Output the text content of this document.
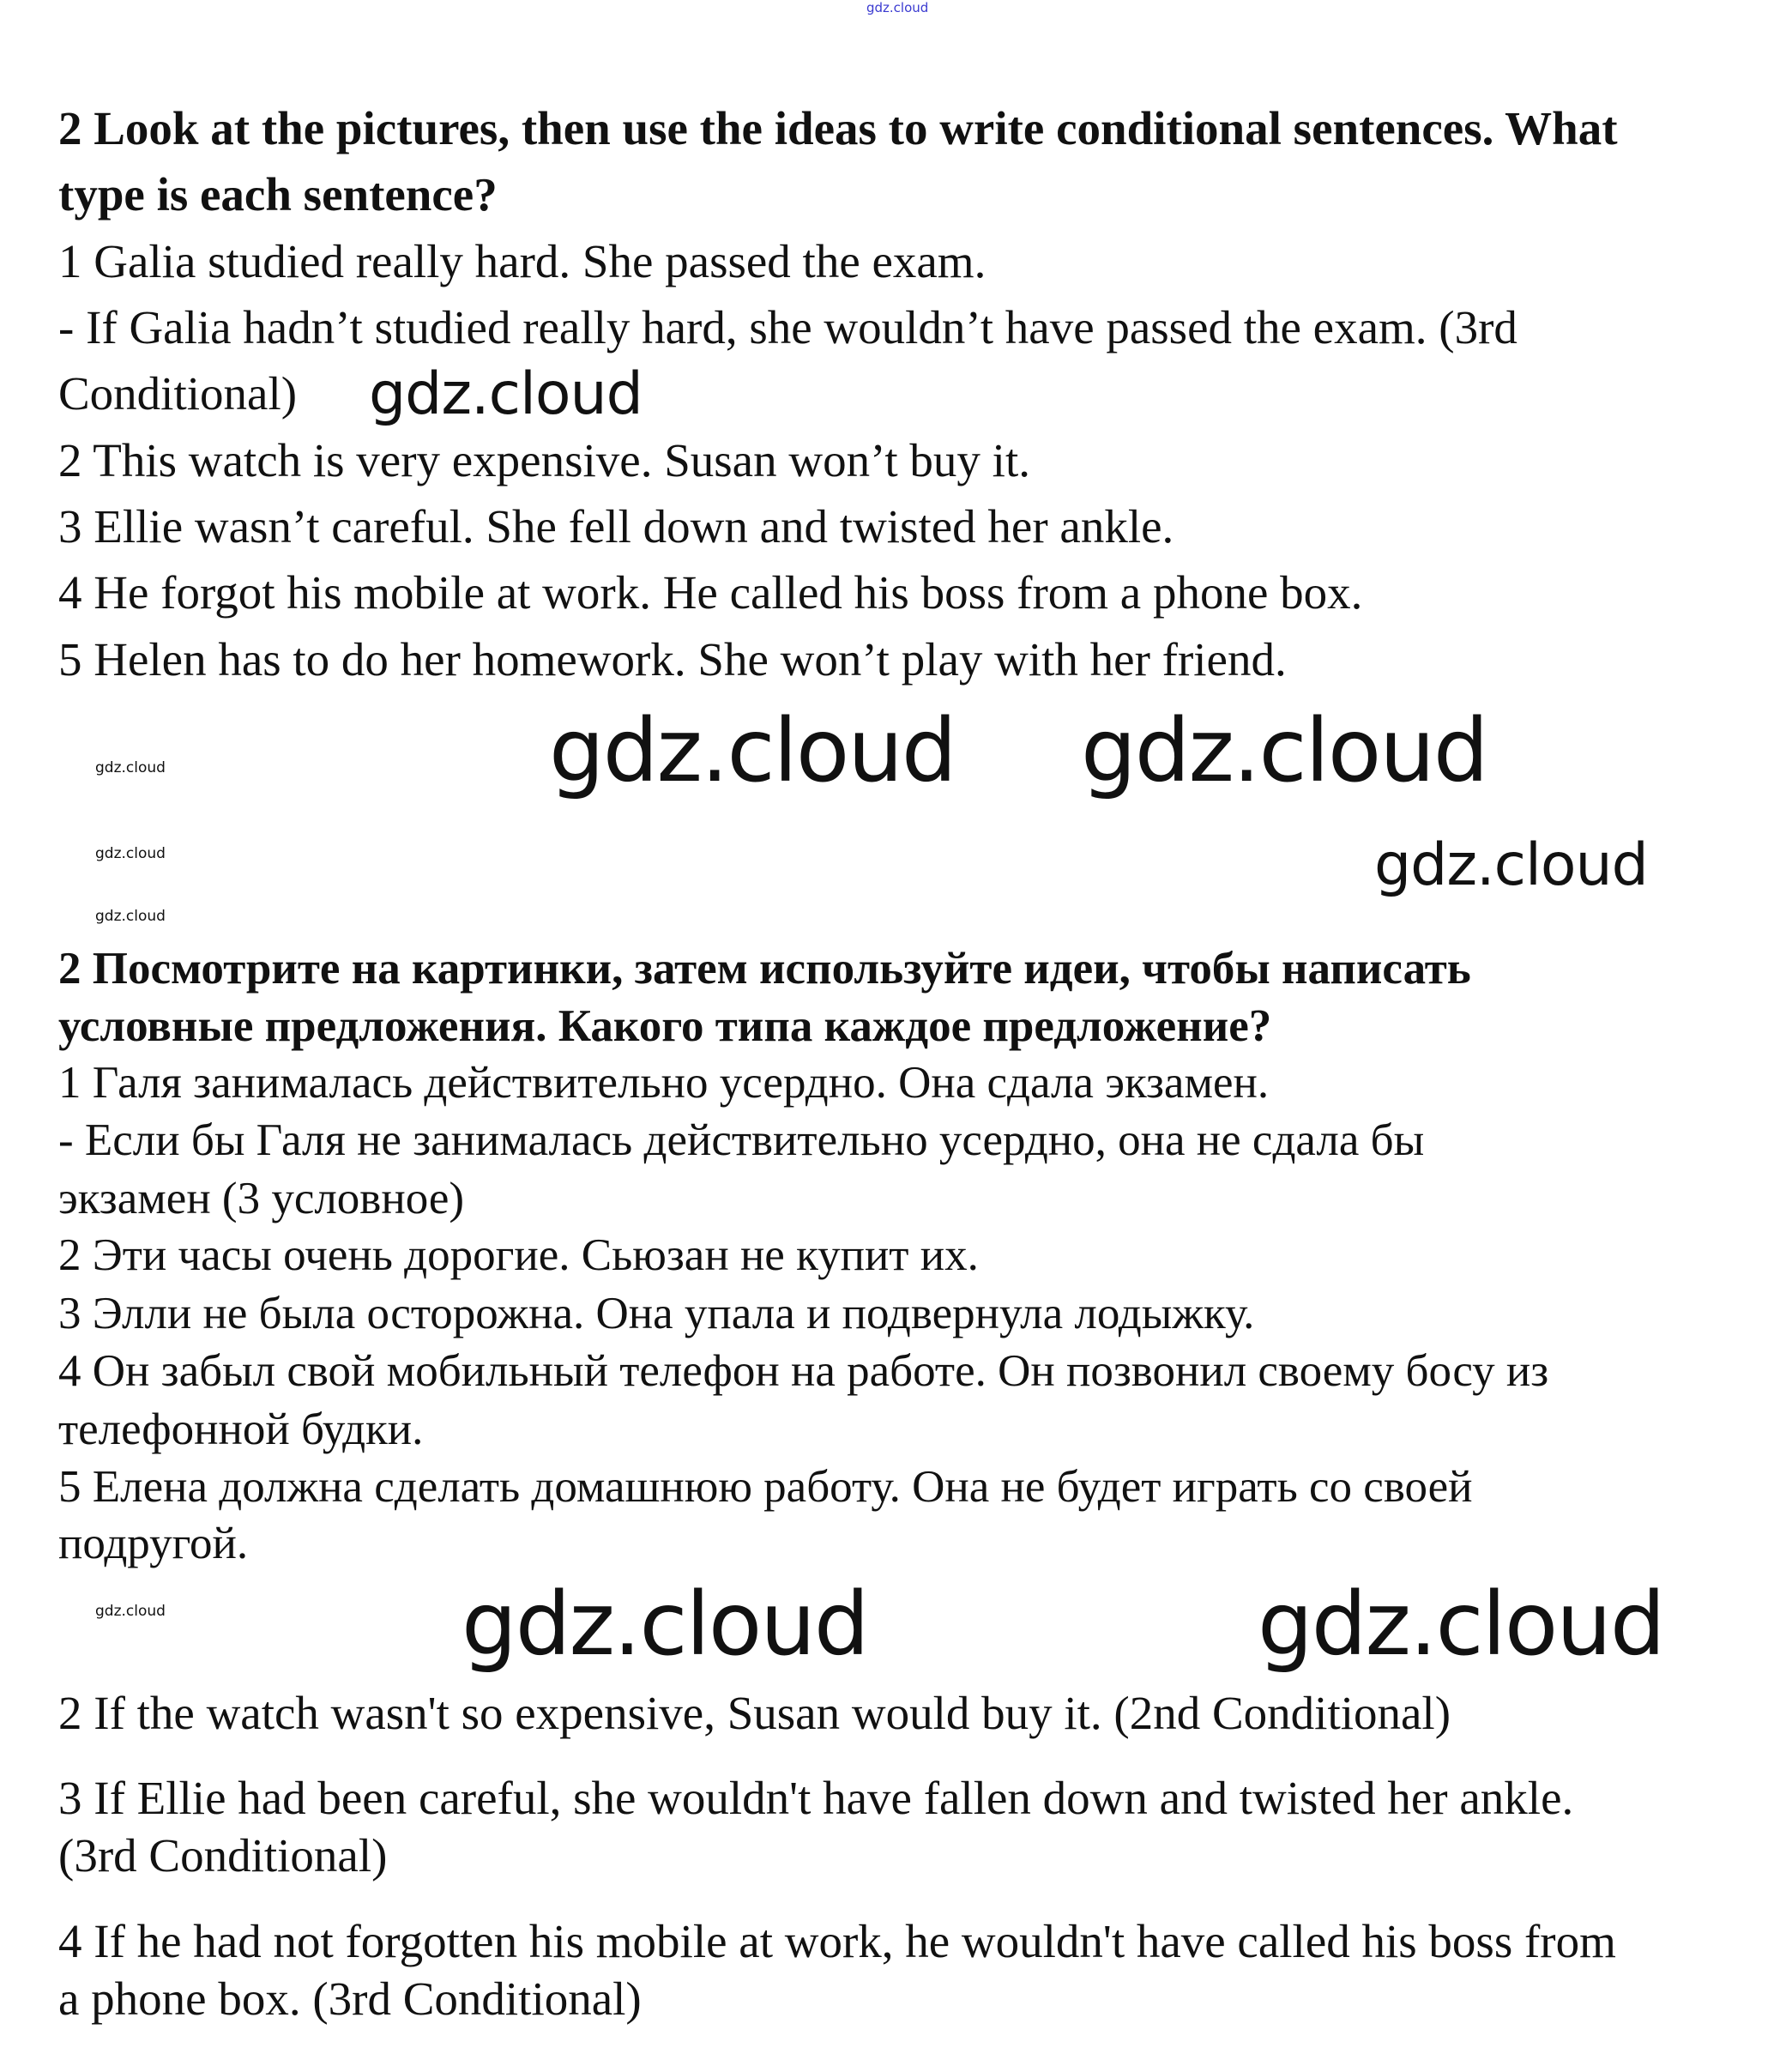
gdz.cloud
2 Look at the pictures, then use the ideas to write conditional sentences. What
type is each sentence?
1 Galia studied really hard. She passed the exam.
- If Galia hadn’t studied really hard, she wouldn’t have passed the exam. (3rd
Conditional)
2 This watch is very expensive. Susan won’t buy it.
3 Ellie wasn’t careful. She fell down and twisted her ankle.
4 He forgot his mobile at work. He called his boss from a phone box.
5 Helen has to do her homework. She won’t play with her friend.
2 Посмотрите на картинки, затем используйте идеи, чтобы написать
условные предложения. Какого типа каждое предложение?
1 Галя занималась действительно усердно. Она сдала экзамен.
- Если бы Галя не занималась действительно усердно, она не сдала бы
экзамен (3 условное)
2 Эти часы очень дорогие. Сьюзан не купит их.
3 Элли не была осторожна. Она упала и подвернула лодыжку.
4 Он забыл свой мобильный телефон на работе. Он позвонил своему босу из
телефонной будки.
5 Елена должна сделать домашнюю работу. Она не будет играть со своей
подругой.
2 If the watch wasn't so expensive, Susan would buy it. (2nd Conditional)
3 If Ellie had been careful, she wouldn't have fallen down and twisted her ankle.
(3rd Conditional)
4 If he had not forgotten his mobile at work, he wouldn't have called his boss from
a phone box. (3rd Conditional)
gdz.cloud
gdz.cloud
gdz.cloud
gdz.cloud
gdz.cloud	gdz.cloud
gdz.cloud
gdz.cloud
gdz.cloud
gdz.cloud
